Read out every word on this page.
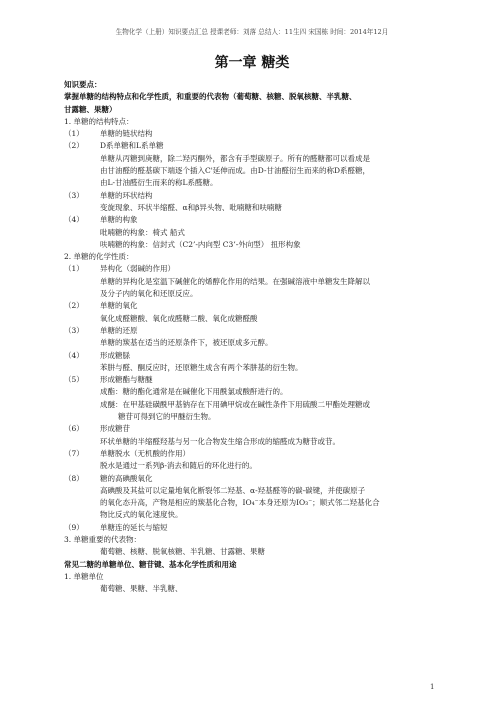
生物化学（上册）知识要点汇总 授课老师：刘落 总结人：11生四 宋国栋 时间：2014年12月
第一章 糖类
知识要点：
掌握单糖的结构特点和化学性质，和重要的代表物（葡萄糖、核糖、脱氧核糖、半乳糖、
甘露糖、果糖）
1. 单糖的结构特点：
（1）	单糖的链状结构
（2）	D系单糖和L系单糖
单糖从丙糖到庚糖，除二羟丙酮外，都含有手型碳原子。所有的醛糖都可以看成是
由甘油醛的醛基碳下端逐个插入C'延伸而成。由D-甘油醛衍生而来的称D系醛糖，
由L-甘油醛衍生而来的称L系醛糖。
（3）	单糖的环状结构
变旋现象、环状半缩醛、α和β异头物、吡喃糖和呋喃糖
（4）	单糖的构象
吡喃糖的构象：椅式 船式
呋喃糖的构象：信封式（C2’-内向型 C3’-外向型） 扭形构象
2. 单糖的化学性质：
（1）	异构化（弱碱的作用）
单糖的异构化是室温下碱催化的烯醇化作用的结果。在强碱溶液中单糖发生降解以
及分子内的氧化和还原反应。
（2）	单糖的氧化
氧化成醛糖酸、氧化成醛糖二酸、氧化成糖醛酸
（3）	单糖的还原
单糖的羰基在适当的还原条件下，被还原成多元醇。
（4）	形成糖脎
苯肼与醛、酮反应时，还原糖生成含有两个苯肼基的衍生物。
（5）	形成糖酯与糖醚
成酯：糖的酯化通常是在碱催化下用酰氯或酸酐进行的。
成醚：在甲基硅磺酰甲基钠存在下用碘甲烷或在碱性条件下用硫酸二甲酯处理糖或
糖苷可得到它的甲醚衍生物。
（6）	形成糖苷
环状单糖的半缩醛羟基与另一化合物发生缩合形成的缩醛成为糖苷或苷。
（7）	单糖脱水（无机酸的作用）
脱水是通过一系列β-消去和随后的环化进行的。
（8）	糖的高碘酸氧化
高碘酸及其盐可以定量地氧化断裂邻二羟基、α-羟基醛等的碳-碳键，并使碳原子
的氧化态升高，产物是相应的羰基化合物，IO₄⁻本身还原为IO₃⁻；顺式邻二羟基化合
物比反式的氧化速度快。
（9）	单糖连的延长与缩短
3. 单糖重要的代表物：
葡萄糖、核糖、脱氧核糖、半乳糖、甘露糖、果糖
常见二糖的单糖单位、糖苷键、基本化学性质和用途
1. 单糖单位
葡萄糖、果糖、半乳糖、
1
